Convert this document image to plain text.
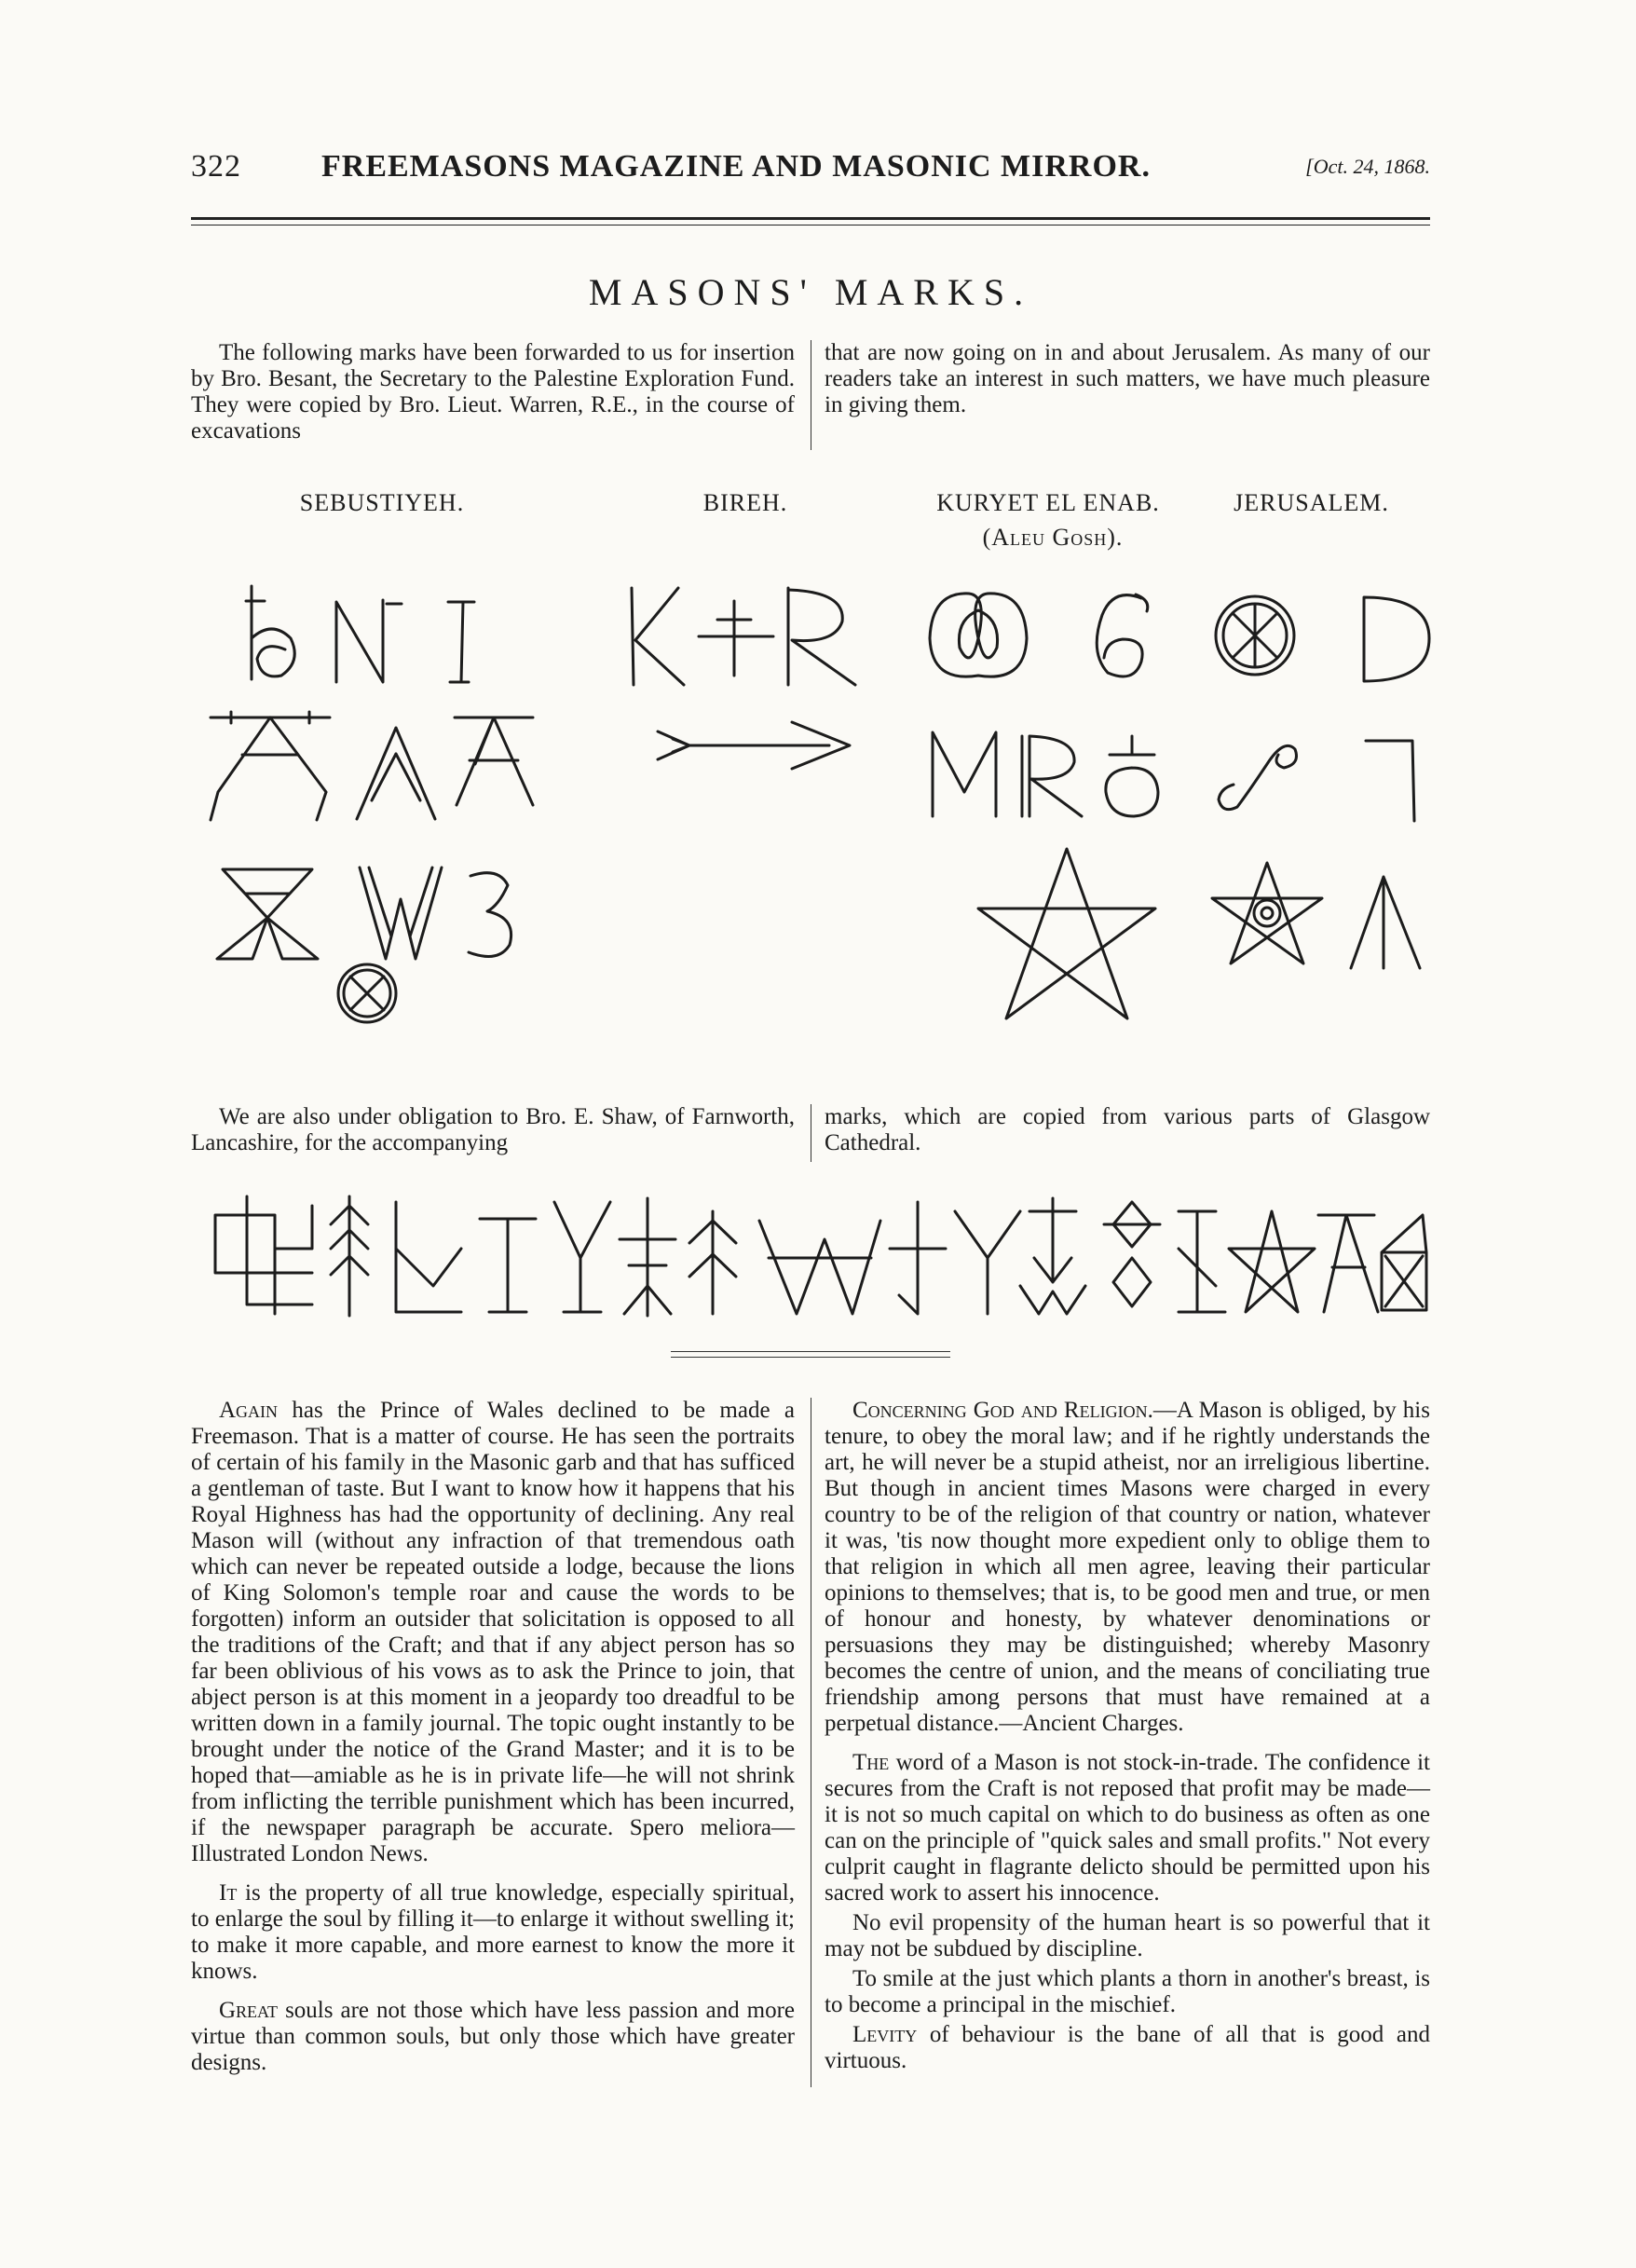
322	FREEMASONS MAGAZINE AND MASONIC MIRROR.	[Oct. 24, 1868.
MASONS' MARKS.

The following marks have been forwarded to us for insertion by Bro. Besant, the Secretary to the Palestine Exploration Fund. They were copied by Bro. Lieut. Warren, R.E., in the course of excavations

that are now going on in and about Jerusalem. As many of our readers take an interest in such matters, we have much pleasure in giving them.

SEBUSTIYEH.	BIREH.	KURYET EL ENAB.	JERUSALEM.
(Aleu Gosh).

We are also under obligation to Bro. E. Shaw, of Farnworth, Lancashire, for the accompanying

marks, which are copied from various parts of Glasgow Cathedral.

Again has the Prince of Wales declined to be made a Freemason. That is a matter of course. He has seen the portraits of certain of his family in the Masonic garb and that has sufficed a gentleman of taste. But I want to know how it happens that his Royal Highness has had the opportunity of declining. Any real Mason will (without any infraction of that tremendous oath which can never be repeated outside a lodge, because the lions of King Solomon's temple roar and cause the words to be forgotten) inform an outsider that solicitation is opposed to all the traditions of the Craft; and that if any abject person has so far been oblivious of his vows as to ask the Prince to join, that abject person is at this moment in a jeopardy too dreadful to be written down in a family journal. The topic ought instantly to be brought under the notice of the Grand Master; and it is to be hoped that—amiable as he is in private life—he will not shrink from inflicting the terrible punishment which has been incurred, if the newspaper paragraph be accurate. Spero meliora—Illustrated London News.

It is the property of all true knowledge, especially spiritual, to enlarge the soul by filling it—to enlarge it without swelling it; to make it more capable, and more earnest to know the more it knows.

Great souls are not those which have less passion and more virtue than common souls, but only those which have greater designs.

Concerning God and Religion.—A Mason is obliged, by his tenure, to obey the moral law; and if he rightly understands the art, he will never be a stupid atheist, nor an irreligious libertine. But though in ancient times Masons were charged in every country to be of the religion of that country or nation, whatever it was, 'tis now thought more expedient only to oblige them to that religion in which all men agree, leaving their particular opinions to themselves; that is, to be good men and true, or men of honour and honesty, by whatever denominations or persuasions they may be distinguished; whereby Masonry becomes the centre of union, and the means of conciliating true friendship among persons that must have remained at a perpetual distance.—Ancient Charges.

The word of a Mason is not stock-in-trade. The confidence it secures from the Craft is not reposed that profit may be made—it is not so much capital on which to do business as often as one can on the principle of "quick sales and small profits." Not every culprit caught in flagrante delicto should be permitted upon his sacred work to assert his innocence.

No evil propensity of the human heart is so powerful that it may not be subdued by discipline.

To smile at the just which plants a thorn in another's breast, is to become a principal in the mischief.

Levity of behaviour is the bane of all that is good and virtuous.
